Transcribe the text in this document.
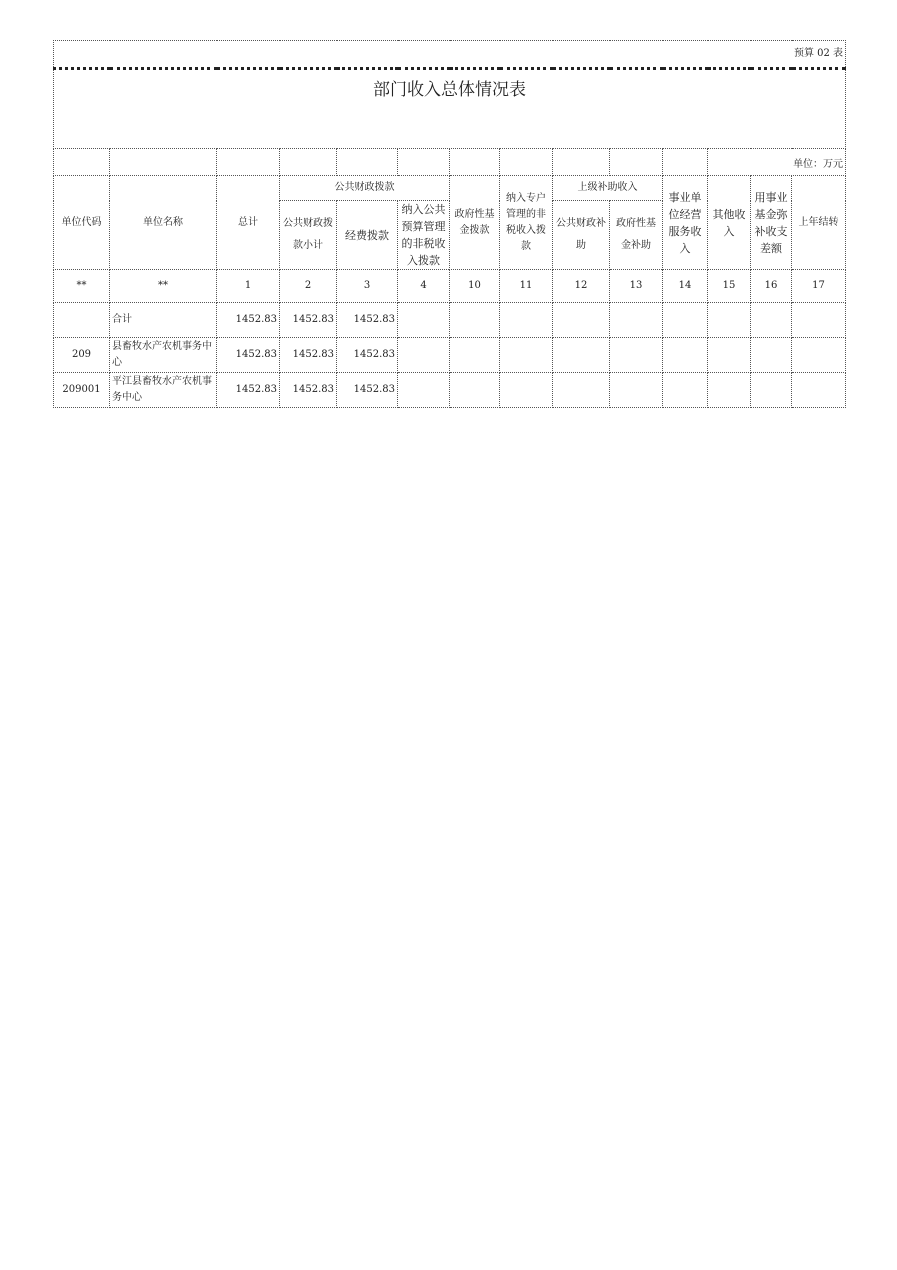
预算 02 表													
部门收入总体情况表													
											单位：万元		
单位代码	单位名称	总计	公共财政拨款			政府性基金拨款	纳入专户管理的非税收入拨款	上级补助收入		事业单位经营服务收入	其他收入	用事业基金弥补收支差额	上年结转
			公共财政拨款小计	经费拨款	纳入公共预算管理的非税收入拨款								
								公共财政补助	政府性基金补助				
**	**	1	2	3	4	10	11	12	13	14	15	16	17
	合计	1452.83	1452.83	1452.83									
209	县畜牧水产农机事务中心	1452.83	1452.83	1452.83									
209001	平江县畜牧水产农机事务中心	1452.83	1452.83	1452.83									
